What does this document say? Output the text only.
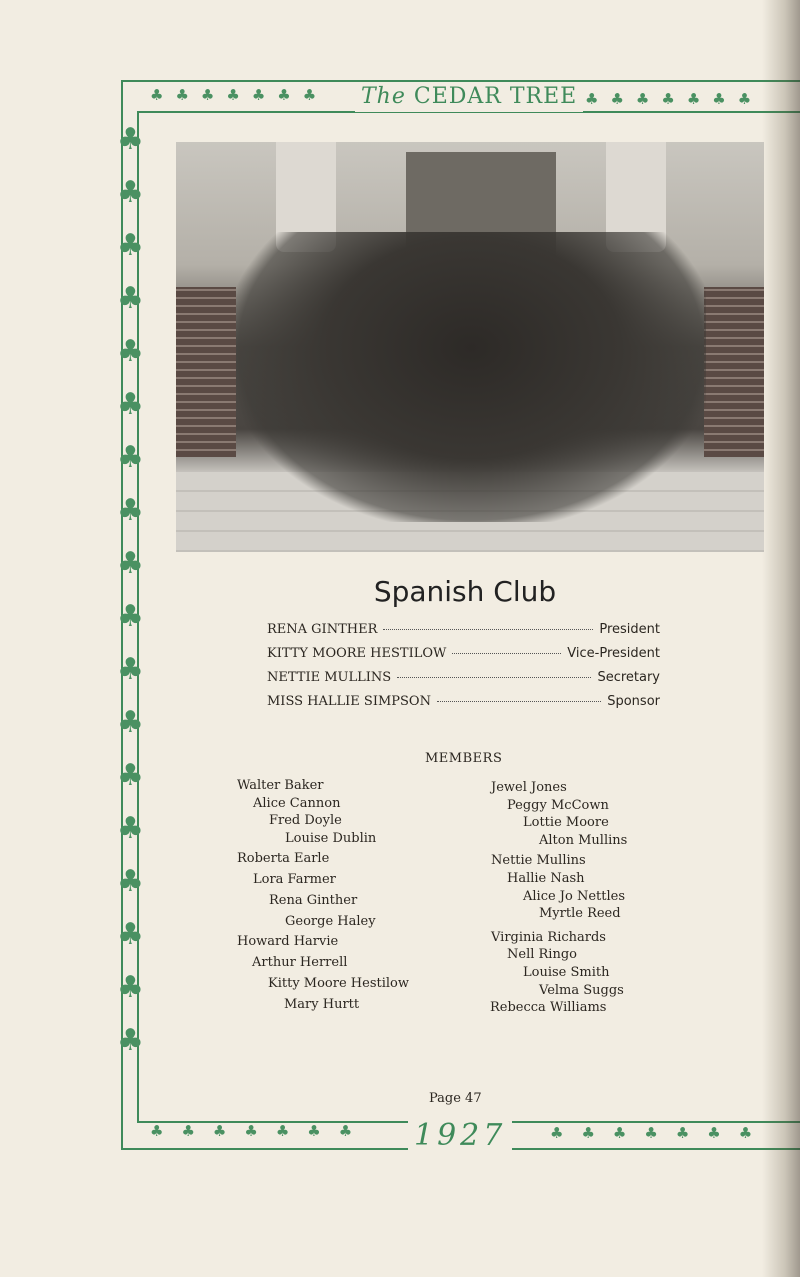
♣ ♣ ♣ ♣ ♣ ♣ ♣	♣ ♣ ♣ ♣ ♣ ♣ ♣
The CEDAR TREE
♣
♣
♣
♣
♣
♣
♣
♣
♣
♣
♣
♣
♣
♣
♣
♣
♣
♣
Spanish Club
RENA GINTHER	President
KITTY MOORE HESTILOW	Vice-President
NETTIE MULLINS	Secretary
MISS HALLIE SIMPSON	Sponsor
MEMBERS
Walter Baker
Alice Cannon
Fred Doyle
Louise Dublin
Roberta Earle
Lora Farmer
Rena Ginther
George Haley
Howard Harvie
Arthur Herrell
Kitty Moore Hestilow
Mary Hurtt
Jewel Jones
Peggy McCown
Lottie Moore
Alton Mullins
Nettie Mullins
Hallie Nash
Alice Jo Nettles
Myrtle Reed
Virginia Richards
Nell Ringo
Louise Smith
Velma Suggs
Rebecca Williams
Page 47
♣ ♣ ♣ ♣ ♣ ♣ ♣	♣ ♣ ♣ ♣ ♣ ♣ ♣
1927
